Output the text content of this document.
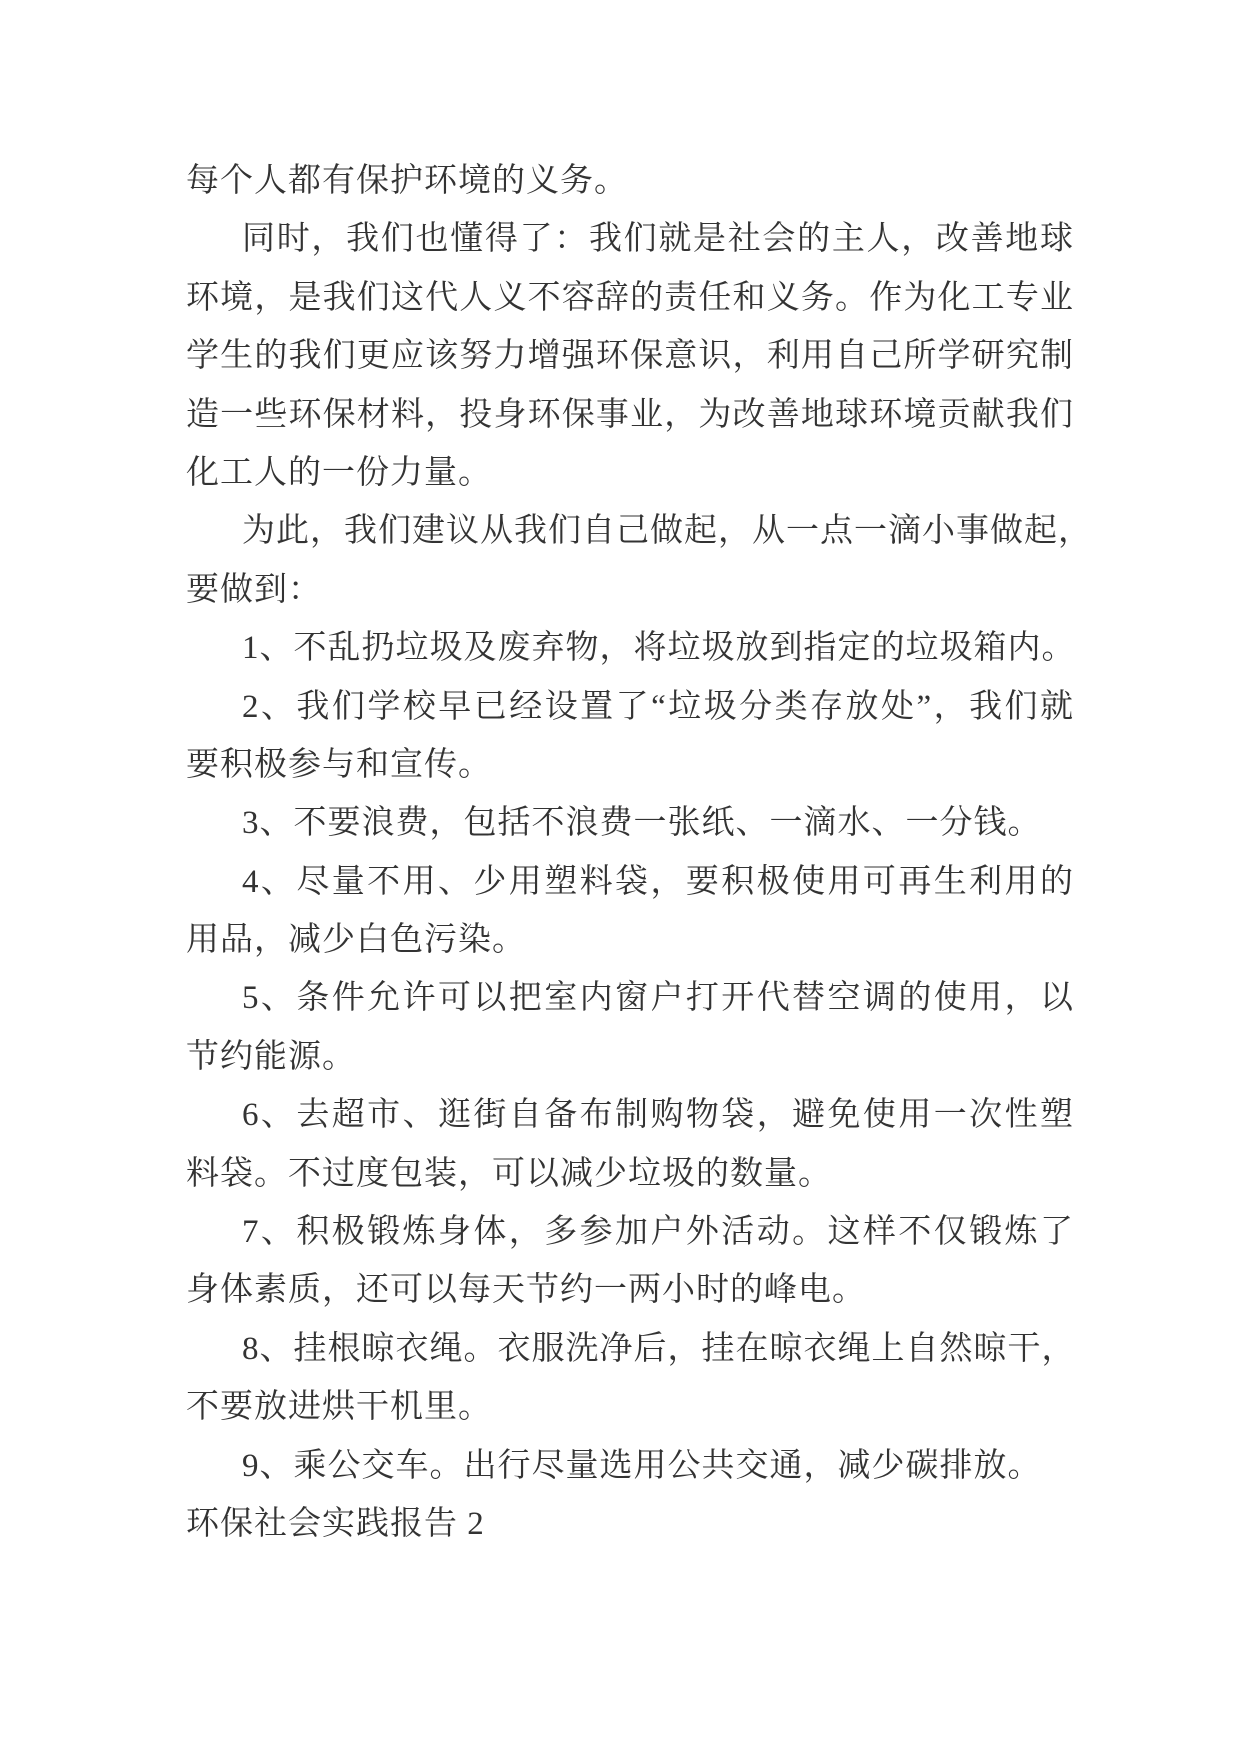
每个人都有保护环境的义务。
同时，我们也懂得了：我们就是社会的主人，改善地球
环境，是我们这代人义不容辞的责任和义务。作为化工专业
学生的我们更应该努力增强环保意识，利用自己所学研究制
造一些环保材料，投身环保事业，为改善地球环境贡献我们
化工人的一份力量。
为此，我们建议从我们自己做起，从一点一滴小事做起，
要做到：
1、不乱扔垃圾及废弃物，将垃圾放到指定的垃圾箱内。
2、我们学校早已经设置了“垃圾分类存放处”，我们就
要积极参与和宣传。
3、不要浪费，包括不浪费一张纸、一滴水、一分钱。
4、尽量不用、少用塑料袋，要积极使用可再生利用的
用品，减少白色污染。
5、条件允许可以把室内窗户打开代替空调的使用，以
节约能源。
6、去超市、逛街自备布制购物袋，避免使用一次性塑
料袋。不过度包装，可以减少垃圾的数量。
7、积极锻炼身体，多参加户外活动。这样不仅锻炼了
身体素质，还可以每天节约一两小时的峰电。
8、挂根晾衣绳。衣服洗净后，挂在晾衣绳上自然晾干，
不要放进烘干机里。
9、乘公交车。出行尽量选用公共交通，减少碳排放。
环保社会实践报告 2
